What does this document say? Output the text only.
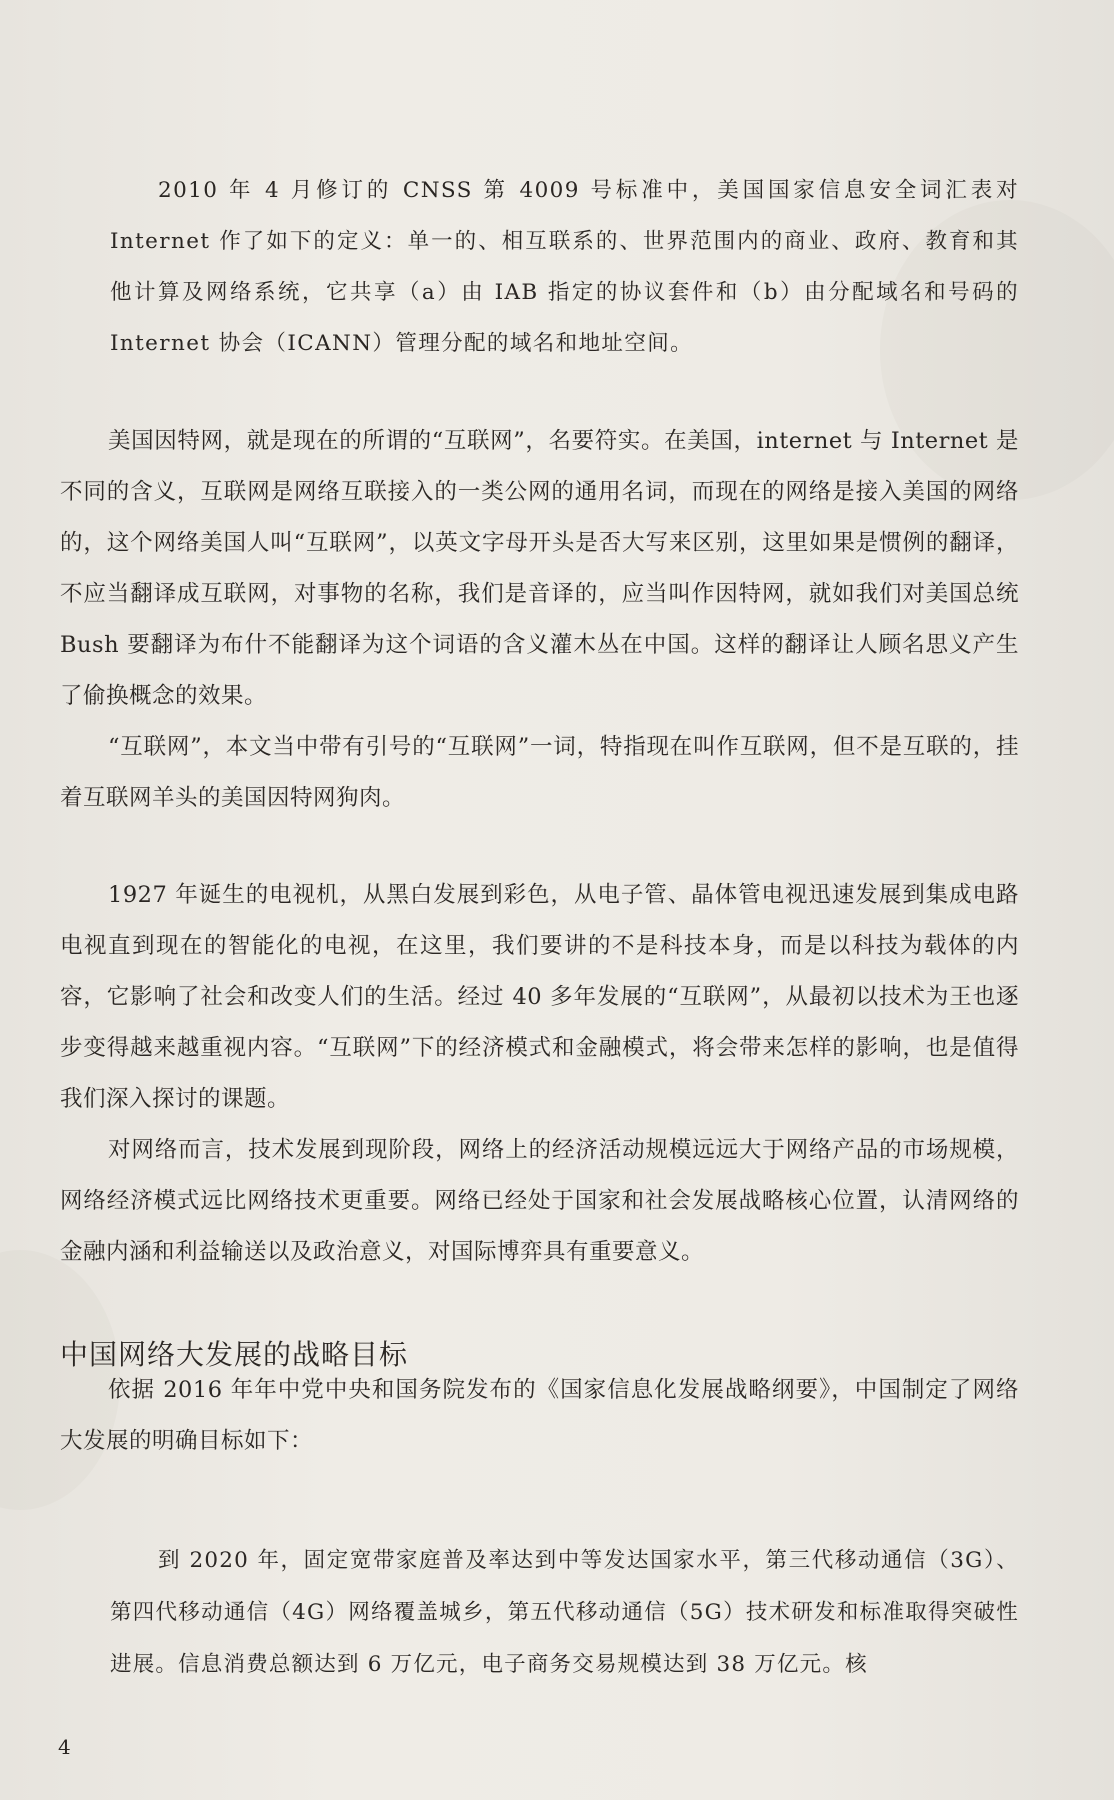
2010 年 4 月修订的 CNSS 第 4009 号标准中，美国国家信息安全词汇表对 Internet 作了如下的定义：单一的、相互联系的、世界范围内的商业、政府、教育和其他计算及网络系统，它共享（a）由 IAB 指定的协议套件和（b）由分配域名和号码的 Internet 协会（ICANN）管理分配的域名和地址空间。

美国因特网，就是现在的所谓的“互联网”，名要符实。在美国，internet 与 Internet 是不同的含义，互联网是网络互联接入的一类公网的通用名词，而现在的网络是接入美国的网络的，这个网络美国人叫“互联网”，以英文字母开头是否大写来区别，这里如果是惯例的翻译，不应当翻译成互联网，对事物的名称，我们是音译的，应当叫作因特网，就如我们对美国总统 Bush 要翻译为布什不能翻译为这个词语的含义灌木丛在中国。这样的翻译让人顾名思义产生了偷换概念的效果。

“互联网”，本文当中带有引号的“互联网”一词，特指现在叫作互联网，但不是互联的，挂着互联网羊头的美国因特网狗肉。

1927 年诞生的电视机，从黑白发展到彩色，从电子管、晶体管电视迅速发展到集成电路电视直到现在的智能化的电视，在这里，我们要讲的不是科技本身，而是以科技为载体的内容，它影响了社会和改变人们的生活。经过 40 多年发展的“互联网”，从最初以技术为王也逐步变得越来越重视内容。“互联网”下的经济模式和金融模式，将会带来怎样的影响，也是值得我们深入探讨的课题。

对网络而言，技术发展到现阶段，网络上的经济活动规模远远大于网络产品的市场规模，网络经济模式远比网络技术更重要。网络已经处于国家和社会发展战略核心位置，认清网络的金融内涵和利益输送以及政治意义，对国际博弈具有重要意义。

中国网络大发展的战略目标

依据 2016 年年中党中央和国务院发布的《国家信息化发展战略纲要》，中国制定了网络大发展的明确目标如下：

到 2020 年，固定宽带家庭普及率达到中等发达国家水平，第三代移动通信（3G）、第四代移动通信（4G）网络覆盖城乡，第五代移动通信（5G）技术研发和标准取得突破性进展。信息消费总额达到 6 万亿元，电子商务交易规模达到 38 万亿元。核

4
